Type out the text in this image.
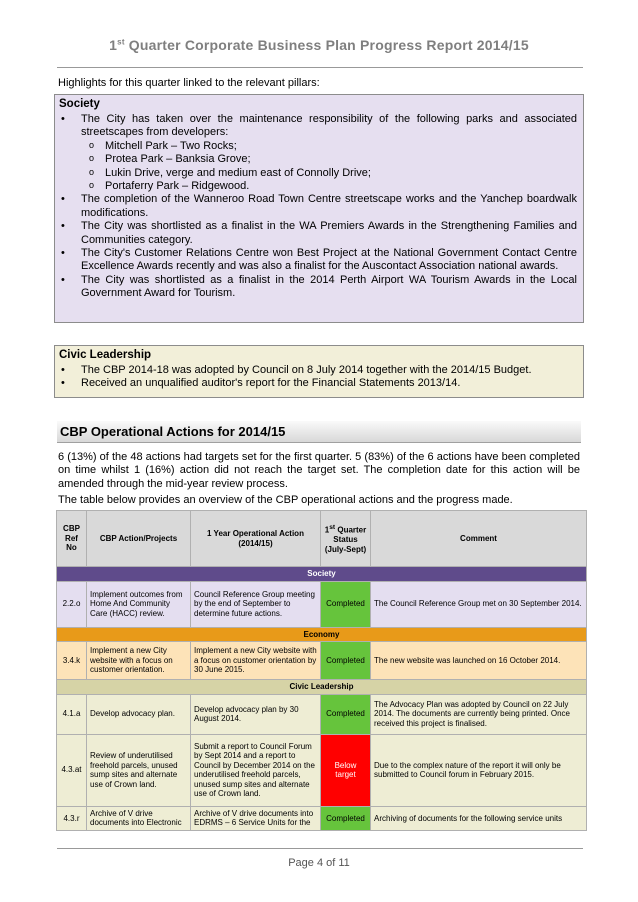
1st Quarter Corporate Business Plan Progress Report 2014/15
Highlights for this quarter linked to the relevant pillars:
Society
• The City has taken over the maintenance responsibility of the following parks and associated streetscapes from developers:
o Mitchell Park – Two Rocks;
o Protea Park – Banksia Grove;
o Lukin Drive, verge and medium east of Connolly Drive;
o Portaferry Park – Ridgewood.
• The completion of the Wanneroo Road Town Centre streetscape works and the Yanchep boardwalk modifications.
• The City was shortlisted as a finalist in the WA Premiers Awards in the Strengthening Families and Communities category.
• The City's Customer Relations Centre won Best Project at the National Government Contact Centre Excellence Awards recently and was also a finalist for the Auscontact Association national awards.
• The City was shortlisted as a finalist in the 2014 Perth Airport WA Tourism Awards in the Local Government Award for Tourism.
Civic Leadership
• The CBP 2014-18 was adopted by Council on 8 July 2014 together with the 2014/15 Budget.
• Received an unqualified auditor's report for the Financial Statements 2013/14.
CBP Operational Actions for 2014/15
6 (13%) of the 48 actions had targets set for the first quarter. 5 (83%) of the 6 actions have been completed on time whilst 1 (16%) action did not reach the target set. The completion date for this action will be amended through the mid-year review process.
The table below provides an overview of the CBP operational actions and the progress made.
CBP Ref No	CBP Action/Projects	1 Year Operational Action (2014/15)	1st Quarter Status (July-Sept)	Comment
Society				
2.2.o	Implement outcomes from Home And Community Care (HACC) review.	Council Reference Group meeting by the end of September to determine future actions.	Completed	The Council Reference Group met on 30 September 2014.
Economy				
3.4.k	Implement a new City website with a focus on customer orientation.	Implement a new City website with a focus on customer orientation by 30 June 2015.	Completed	The new website was launched on 16 October 2014.
Civic Leadership				
4.1.a	Develop advocacy plan.	Develop advocacy plan by 30 August 2014.	Completed	The Advocacy Plan was adopted by Council on 22 July 2014. The documents are currently being printed. Once received this project is finalised.
4.3.at	Review of underutilised freehold parcels, unused sump sites and alternate use of Crown land.	Submit a report to Council Forum by Sept 2014 and a report to Council by December 2014 on the underutilised freehold parcels, unused sump sites and alternate use of Crown land.	Below target	Due to the complex nature of the report it will only be submitted to Council forum in February 2015.
4.3.r	Archive of V drive documents into Electronic	Archive of V drive documents into EDRMS – 6 Service Units for the	Completed	Archiving of documents for the following service units
Page 4 of 11
